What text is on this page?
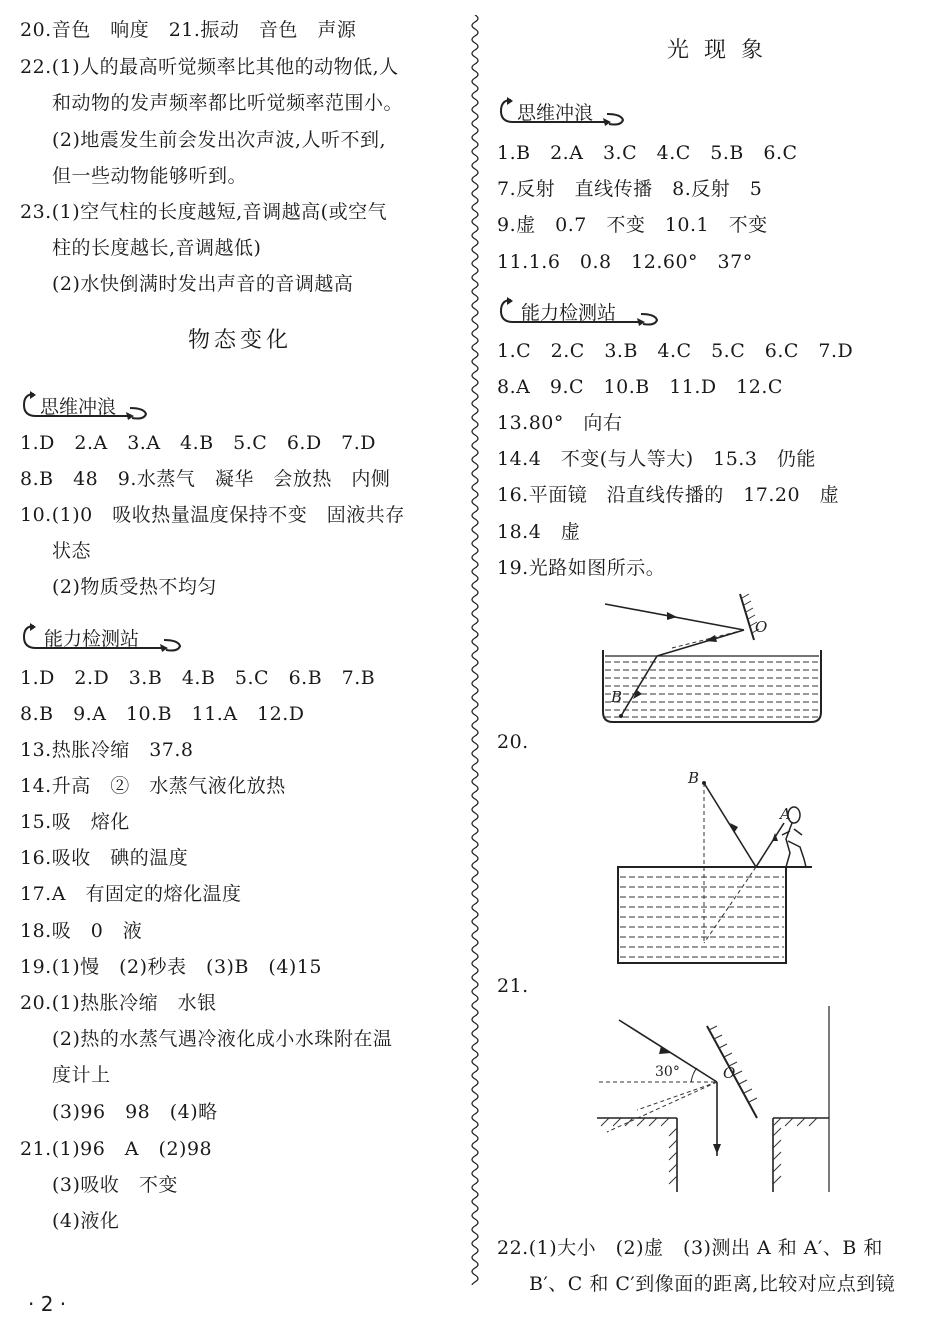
20.音色　响度　21.振动　音色　声源
22.(1)人的最高听觉频率比其他的动物低,人
和动物的发声频率都比听觉频率范围小。
(2)地震发生前会发出次声波,人听不到,
但一些动物能够听到。
23.(1)空气柱的长度越短,音调越高(或空气
柱的长度越长,音调越低)
(2)水快倒满时发出声音的音调越高
物态变化
思维冲浪
1.D　2.A　3.A　4.B　5.C　6.D　7.D
8.B　48　9.水蒸气　凝华　会放热　内侧
10.(1)0　吸收热量温度保持不变　固液共存
状态
(2)物质受热不均匀
能力检测站
1.D　2.D　3.B　4.B　5.C　6.B　7.B
8.B　9.A　10.B　11.A　12.D
13.热胀冷缩　37.8
14.升高　②　水蒸气液化放热
15.吸　熔化
16.吸收　碘的温度
17.A　有固定的熔化温度
18.吸　0　液
19.(1)慢　(2)秒表　(3)B　(4)15
20.(1)热胀冷缩　水银
(2)热的水蒸气遇冷液化成小水珠附在温
度计上
(3)96　98　(4)略
21.(1)96　A　(2)98
(3)吸收　不变
(4)液化
光 现 象
思维冲浪
1.B　2.A　3.C　4.C　5.B　6.C
7.反射　直线传播　8.反射　5
9.虚　0.7　不变　10.1　不变
11.1.6　0.8　12.60°　37°
能力检测站
1.C　2.C　3.B　4.C　5.C　6.C　7.D
8.A　9.C　10.B　11.D　12.C
13.80°　向右
14.4　不变(与人等大)　15.3　仍能
16.平面镜　沿直线传播的　17.20　虚
18.4　虚
19.光路如图所示。
O
B
20.
B
A
21.
30°	O
22.(1)大小　(2)虚　(3)测出 A 和 A′、B 和
B′、C 和 C′到像面的距离,比较对应点到镜
· 2 ·
